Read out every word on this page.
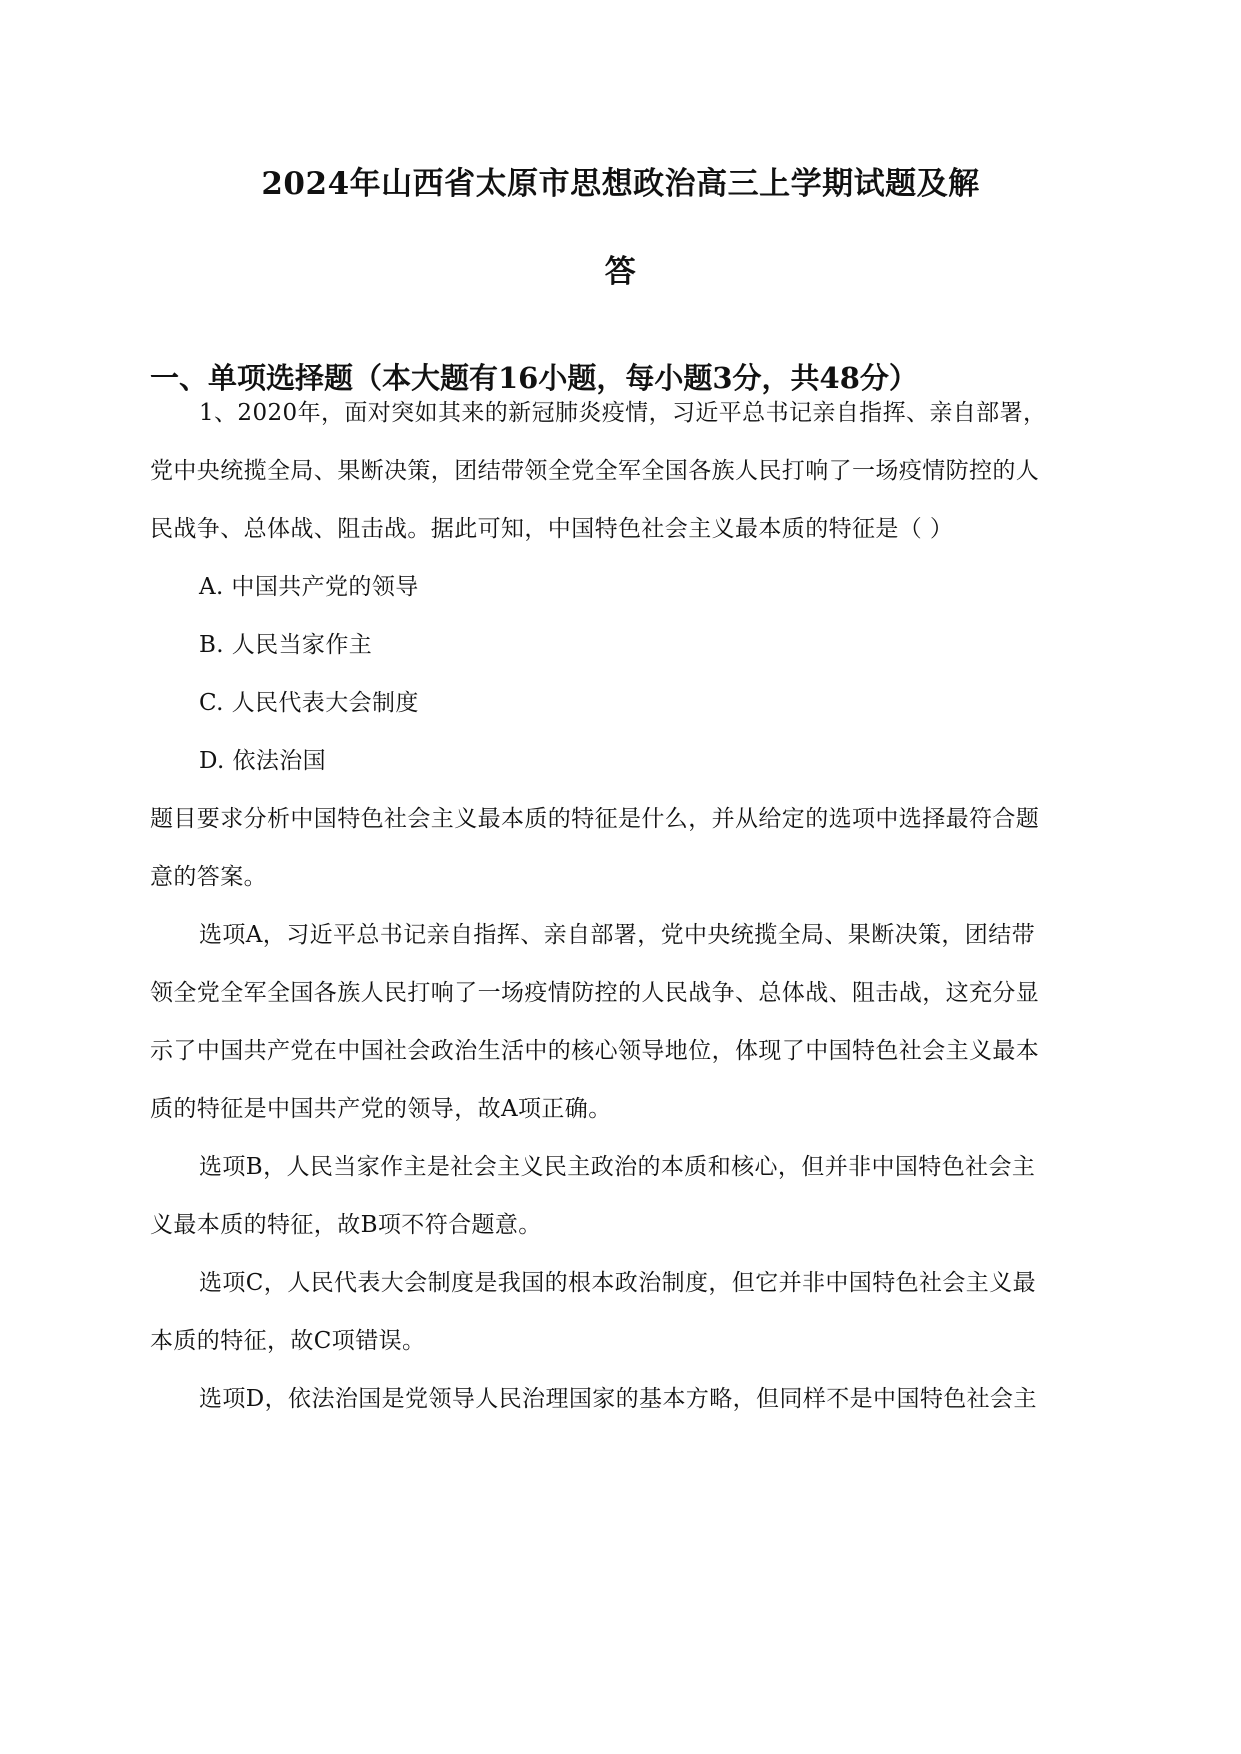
2024年山西省太原市思想政治高三上学期试题及解
答
一、单项选择题（本大题有16小题，每小题3分，共48分）
1、2020年，面对突如其来的新冠肺炎疫情，习近平总书记亲自指挥、亲自部署，
党中央统揽全局、果断决策，团结带领全党全军全国各族人民打响了一场疫情防控的人
民战争、总体战、阻击战。据此可知，中国特色社会主义最本质的特征是（ ）
A. 中国共产党的领导
B. 人民当家作主
C. 人民代表大会制度
D. 依法治国
题目要求分析中国特色社会主义最本质的特征是什么，并从给定的选项中选择最符合题
意的答案。
选项A，习近平总书记亲自指挥、亲自部署，党中央统揽全局、果断决策，团结带
领全党全军全国各族人民打响了一场疫情防控的人民战争、总体战、阻击战，这充分显
示了中国共产党在中国社会政治生活中的核心领导地位，体现了中国特色社会主义最本
质的特征是中国共产党的领导，故A项正确。
选项B，人民当家作主是社会主义民主政治的本质和核心，但并非中国特色社会主
义最本质的特征，故B项不符合题意。
选项C，人民代表大会制度是我国的根本政治制度，但它并非中国特色社会主义最
本质的特征，故C项错误。
选项D，依法治国是党领导人民治理国家的基本方略，但同样不是中国特色社会主
